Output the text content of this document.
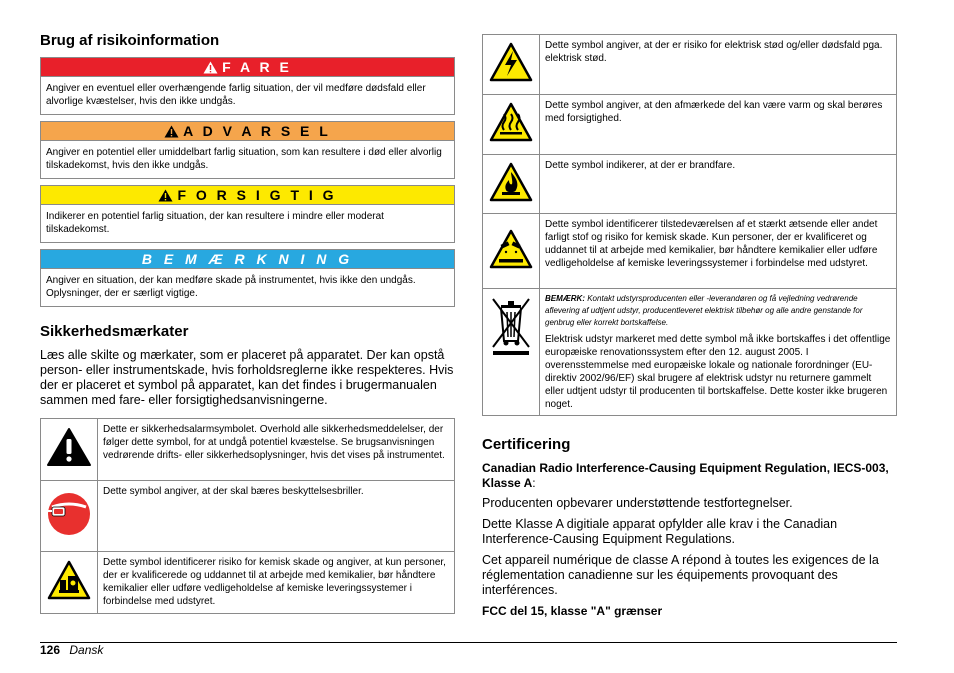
Brug af risikoinformation
F A R E
Angiver en eventuel eller overhængende farlig situation, der vil medføre dødsfald eller alvorlige kvæstelser, hvis den ikke undgås.
A D V A R S E L
Angiver en potentiel eller umiddelbart farlig situation, som kan resultere i død eller alvorlig tilskadekomst, hvis den ikke undgås.
F O R S I G T I G
Indikerer en potentiel farlig situation, der kan resultere i mindre eller moderat tilskadekomst.
B E M Æ R K N I N G
Angiver en situation, der kan medføre skade på instrumentet, hvis ikke den undgås. Oplysninger, der er særligt vigtige.
Sikkerhedsmærkater

Læs alle skilte og mærkater, som er placeret på apparatet. Der kan opstå person- eller instrumentskade, hvis forholdsreglerne ikke respekteres. Hvis der er placeret et symbol på apparatet, kan det findes i brugermanualen sammen med fare- eller forsigtighedsanvisningerne.

	Dette er sikkerhedsalarmsymbolet. Overhold alle sikkerhedsmeddelelser, der følger dette symbol, for at undgå potentiel kvæstelse. Se brugsanvisningen vedrørende drifts- eller sikkerhedsoplysninger, hvis det vises på instrumentet.
	Dette symbol angiver, at der skal bæres beskyttelsesbriller.
	Dette symbol identificerer risiko for kemisk skade og angiver, at kun personer, der er kvalificerede og uddannet til at arbejde med kemikalier, bør håndtere kemikalier eller udføre vedligeholdelse af kemiske leveringssystemer i forbindelse med udstyret.
	Dette symbol angiver, at der er risiko for elektrisk stød og/eller dødsfald pga. elektrisk stød.
	Dette symbol angiver, at den afmærkede del kan være varm og skal berøres med forsigtighed.
	Dette symbol indikerer, at der er brandfare.
	Dette symbol identificerer tilstedeværelsen af et stærkt ætsende eller andet farligt stof og risiko for kemisk skade. Kun personer, der er kvalificeret og uddannet til at arbejde med kemikalier, bør håndtere kemikalier eller udføre vedligeholdelse af kemiske leveringssystemer i forbindelse med udstyret.

BEMÆRK: Kontakt udstyrsproducenten eller -leverandøren og få vejledning vedrørende aflevering af udtjent udstyr, producentleveret elektrisk tilbehør og alle andre genstande for genbrug eller korrekt bortskaffelse.

Elektrisk udstyr markeret med dette symbol må ikke bortskaffes i det offentlige europæiske renovationssystem efter den 12. august 2005. I overensstemmelse med europæiske lokale og nationale forordninger (EU-direktiv 2002/96/EF) skal brugere af elektrisk udstyr nu returnere gammelt eller udtjent udstyr til producenten til bortskaffelse. Dette koster ikke brugeren noget.

Certificering

Canadian Radio Interference-Causing Equipment Regulation, IECS-003, Klasse A:

Producenten opbevarer understøttende testfortegnelser.

Dette Klasse A digitiale apparat opfylder alle krav i the Canadian Interference-Causing Equipment Regulations.

Cet appareil numérique de classe A répond à toutes les exigences de la réglementation canadienne sur les équipements provoquant des interférences.

FCC del 15, klasse "A" grænser

126 Dansk
